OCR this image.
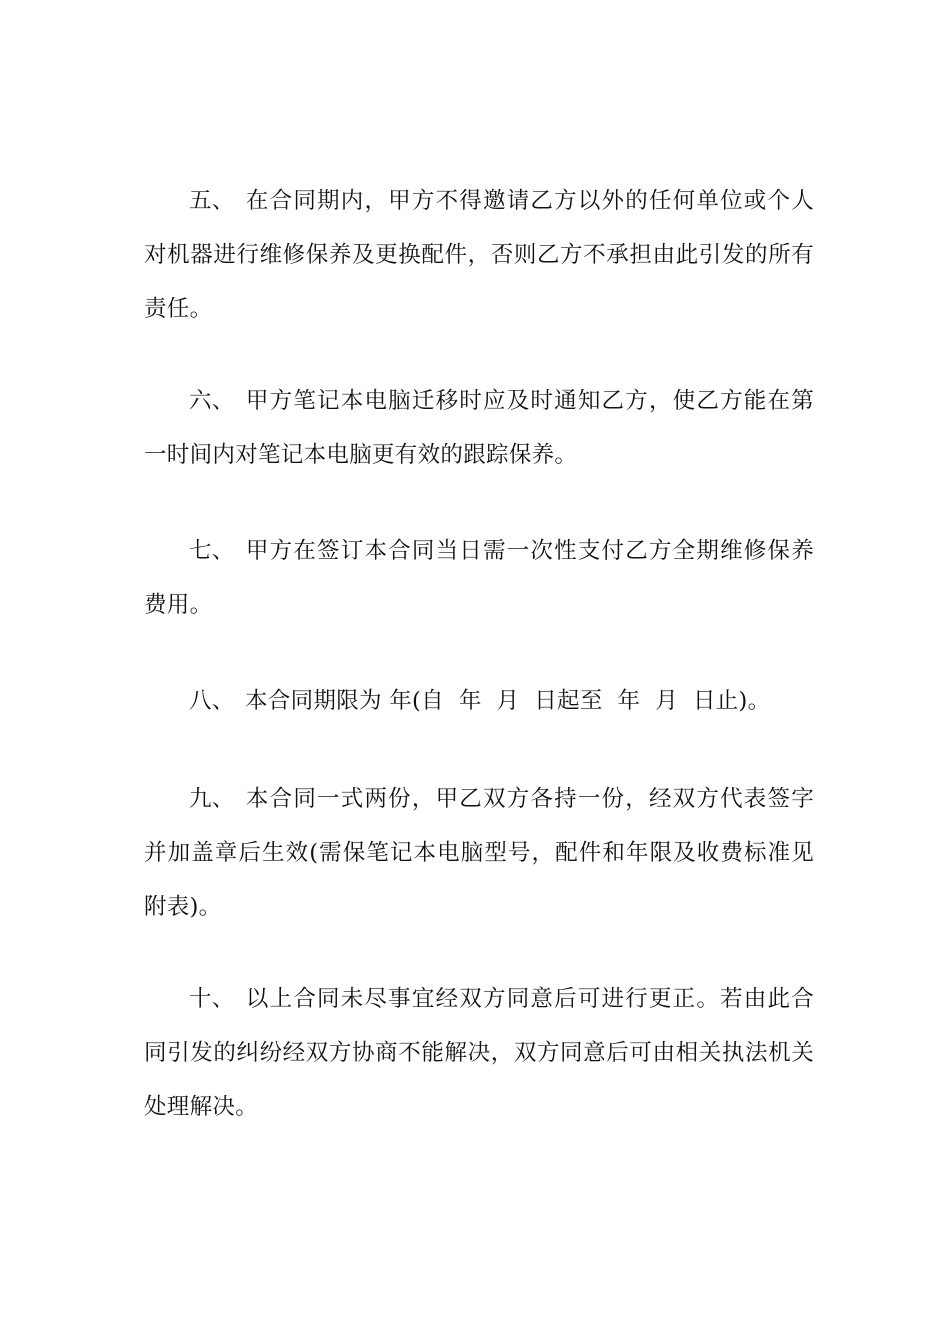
五、 在合同期内，甲方不得邀请乙方以外的任何单位或个人对机器进行维修保养及更换配件，否则乙方不承担由此引发的所有责任。

六、 甲方笔记本电脑迁移时应及时通知乙方，使乙方能在第一时间内对笔记本电脑更有效的跟踪保养。

七、 甲方在签订本合同当日需一次性支付乙方全期维修保养费用。

八、 本合同期限为 年(自  年  月  日起至  年  月  日止)。

九、 本合同一式两份，甲乙双方各持一份，经双方代表签字并加盖章后生效(需保笔记本电脑型号，配件和年限及收费标准见附表)。

十、 以上合同未尽事宜经双方同意后可进行更正。若由此合同引发的纠纷经双方协商不能解决，双方同意后可由相关执法机关处理解决。
